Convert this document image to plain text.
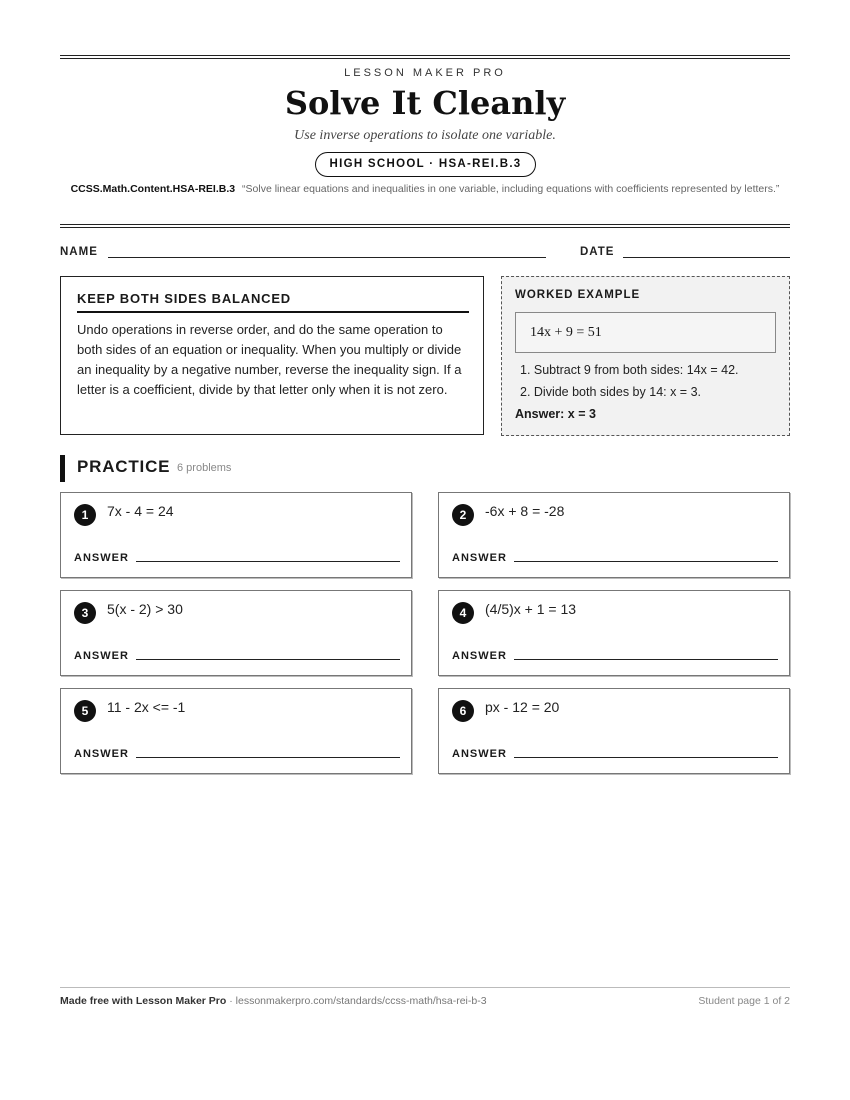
LESSON MAKER PRO
Solve It Cleanly
Use inverse operations to isolate one variable.
HIGH SCHOOL · HSA-REI.B.3
CCSS.Math.Content.HSA-REI.B.3 “Solve linear equations and inequalities in one variable, including equations with coefficients represented by letters.”
NAME	DATE
KEEP BOTH SIDES BALANCED
Undo operations in reverse order, and do the same operation to both sides of an equation or inequality. When you multiply or divide an inequality by a negative number, reverse the inequality sign. If a letter is a coefficient, divide by that letter only when it is not zero.
WORKED EXAMPLE
14x + 9 = 51
1. Subtract 9 from both sides: 14x = 42.
2. Divide both sides by 14: x = 3.
Answer: x = 3
PRACTICE 6 problems
1	7x - 4 = 24
ANSWER
2	-6x + 8 = -28
ANSWER
3	5(x - 2) > 30
ANSWER
4	(4/5)x + 1 = 13
ANSWER
5	11 - 2x <= -1
ANSWER
6	px - 12 = 20
ANSWER
Made free with Lesson Maker Pro · lessonmakerpro.com/standards/ccss-math/hsa-rei-b-3	Student page 1 of 2
